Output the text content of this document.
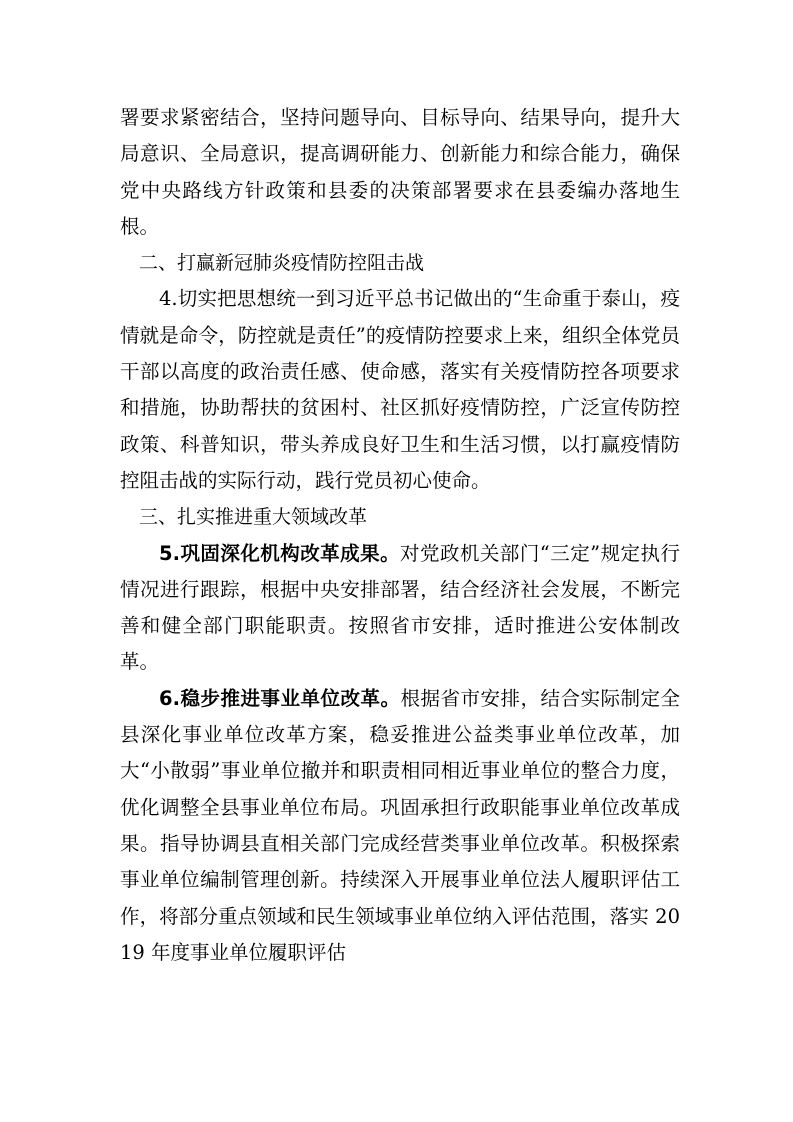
署要求紧密结合，坚持问题导向、目标导向、结果导向，提升大局意识、全局意识，提高调研能力、创新能力和综合能力，确保党中央路线方针政策和县委的决策部署要求在县委编办落地生根。

二、打赢新冠肺炎疫情防控阻击战

4.切实把思想统一到习近平总书记做出的“生命重于泰山，疫情就是命令，防控就是责任”的疫情防控要求上来，组织全体党员干部以高度的政治责任感、使命感，落实有关疫情防控各项要求和措施，协助帮扶的贫困村、社区抓好疫情防控，广泛宣传防控政策、科普知识，带头养成良好卫生和生活习惯，以打赢疫情防控阻击战的实际行动，践行党员初心使命。

三、扎实推进重大领域改革

5.巩固深化机构改革成果。对党政机关部门“三定”规定执行情况进行跟踪，根据中央安排部署，结合经济社会发展，不断完善和健全部门职能职责。按照省市安排，适时推进公安体制改革。

6.稳步推进事业单位改革。根据省市安排，结合实际制定全县深化事业单位改革方案，稳妥推进公益类事业单位改革，加大“小散弱”事业单位撤并和职责相同相近事业单位的整合力度，优化调整全县事业单位布局。巩固承担行政职能事业单位改革成果。指导协调县直相关部门完成经营类事业单位改革。积极探索事业单位编制管理创新。持续深入开展事业单位法人履职评估工作，将部分重点领域和民生领域事业单位纳入评估范围，落实 2019 年度事业单位履职评估
